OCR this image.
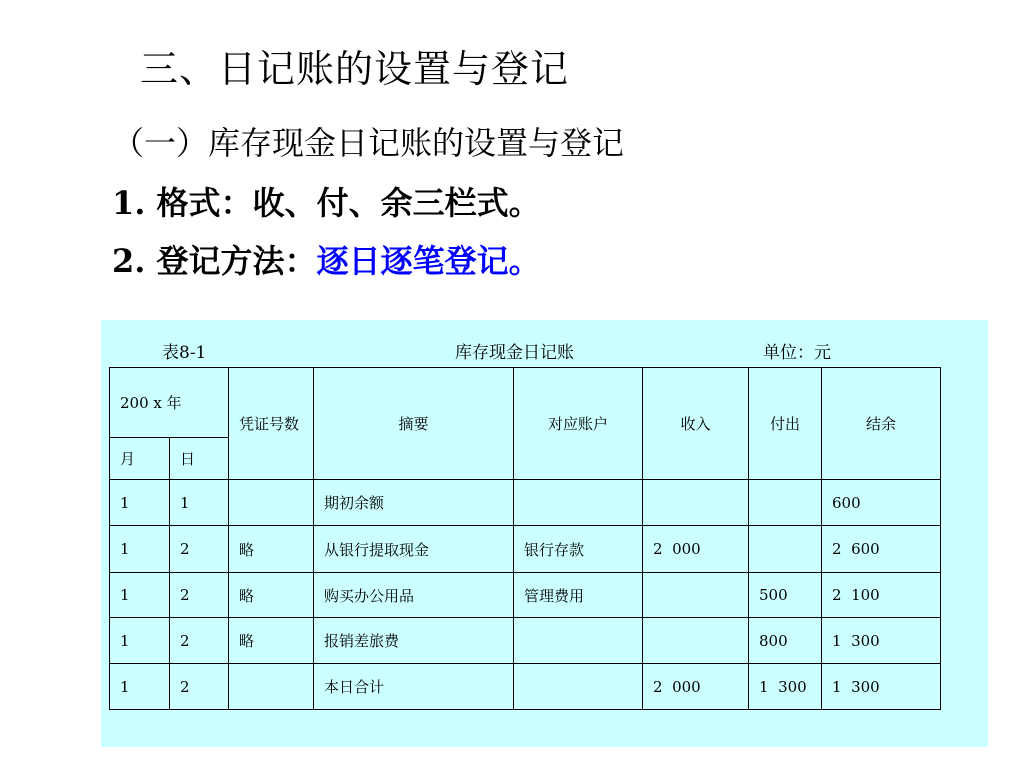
三、日记账的设置与登记
（一）库存现金日记账的设置与登记
1. 格式：收、付、余三栏式。
2. 登记方法：逐日逐笔登记。
表8-1	库存现金日记账	单位：元
200 x 年		凭证号数	摘要	对应账户	收入	付出	结余
月	日						
1	1		期初余额				600
1	2	略	从银行提取现金	银行存款	2  000		2  600
1	2	略	购买办公用品	管理费用		500	2  100
1	2	略	报销差旅费			800	1  300
1	2		本日合计		2  000	1  300	1  300
